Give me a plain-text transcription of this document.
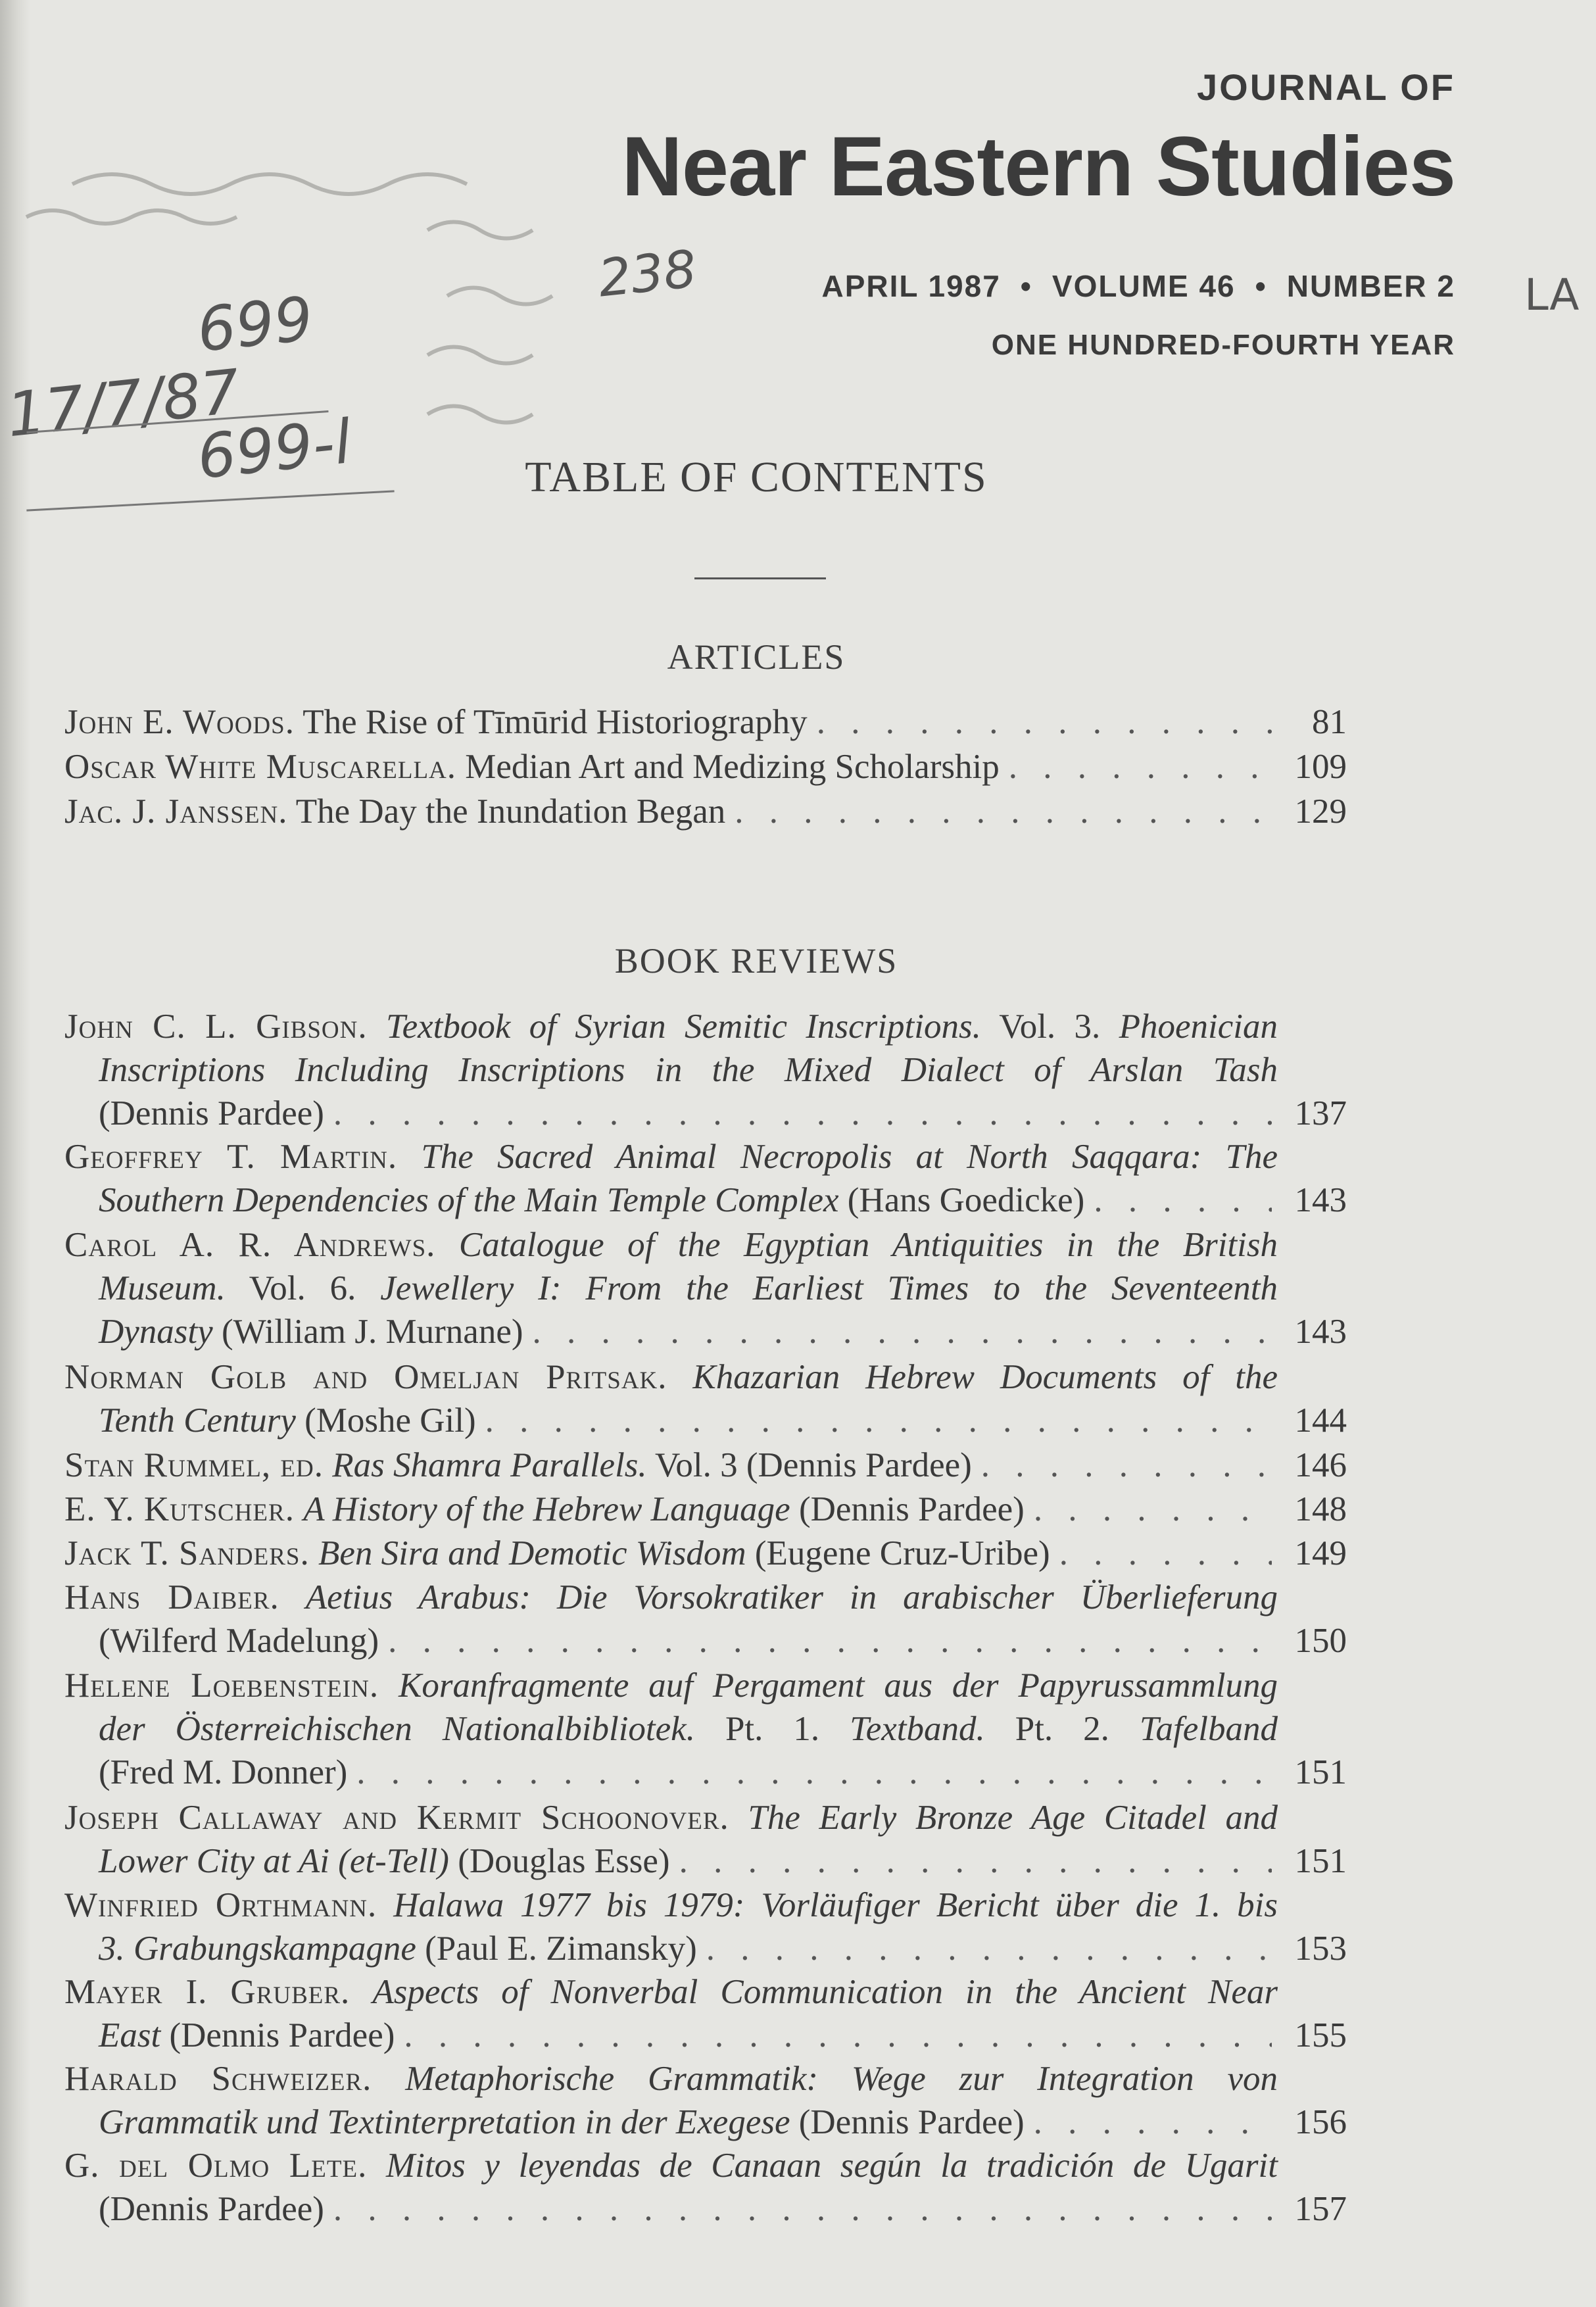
238
699
17/7/87
699-l
LA
JOURNAL OF
Near Eastern Studies
APRIL 1987 • VOLUME 46 • NUMBER 2
ONE HUNDRED-FOURTH YEAR
TABLE OF CONTENTS
ARTICLES
John E. Woods. The Rise of Tīmūrid Historiography . . .	81
Oscar White Muscarella. Median Art and Medizing Scholarship . . .	109
Jac. J. Janssen. The Day the Inundation Began . . .	129
BOOK REVIEWS
John C. L. Gibson. Textbook of Syrian Semitic Inscriptions. Vol. 3. Phoenician
Inscriptions Including Inscriptions in the Mixed Dialect of Arslan Tash
(Dennis Pardee) . . .	137
Geoffrey T. Martin. The Sacred Animal Necropolis at North Saqqara: The
Southern Dependencies of the Main Temple Complex (Hans Goedicke) . . .	143
Carol A. R. Andrews. Catalogue of the Egyptian Antiquities in the British
Museum. Vol. 6. Jewellery I: From the Earliest Times to the Seventeenth
Dynasty (William J. Murnane) . . .	143
Norman Golb and Omeljan Pritsak. Khazarian Hebrew Documents of the
Tenth Century (Moshe Gil) . . .	144
Stan Rummel, ed. Ras Shamra Parallels. Vol. 3 (Dennis Pardee) . . .	146
E. Y. Kutscher. A History of the Hebrew Language (Dennis Pardee) . . .	148
Jack T. Sanders. Ben Sira and Demotic Wisdom (Eugene Cruz-Uribe) . . .	149
Hans Daiber. Aetius Arabus: Die Vorsokratiker in arabischer Überlieferung
(Wilferd Madelung) . . .	150
Helene Loebenstein. Koranfragmente auf Pergament aus der Papyrussammlung
der Österreichischen Nationalbibliotek. Pt. 1. Textband. Pt. 2. Tafelband
(Fred M. Donner) . . .	151
Joseph Callaway and Kermit Schoonover. The Early Bronze Age Citadel and
Lower City at Ai (et-Tell) (Douglas Esse) . . .	151
Winfried Orthmann. Halawa 1977 bis 1979: Vorläufiger Bericht über die 1. bis
3. Grabungskampagne (Paul E. Zimansky) . . .	153
Mayer I. Gruber. Aspects of Nonverbal Communication in the Ancient Near
East (Dennis Pardee) . . .	155
Harald Schweizer. Metaphorische Grammatik: Wege zur Integration von
Grammatik und Textinterpretation in der Exegese (Dennis Pardee) . . .	156
G. del Olmo Lete. Mitos y leyendas de Canaan según la tradición de Ugarit
(Dennis Pardee) . . .	157
